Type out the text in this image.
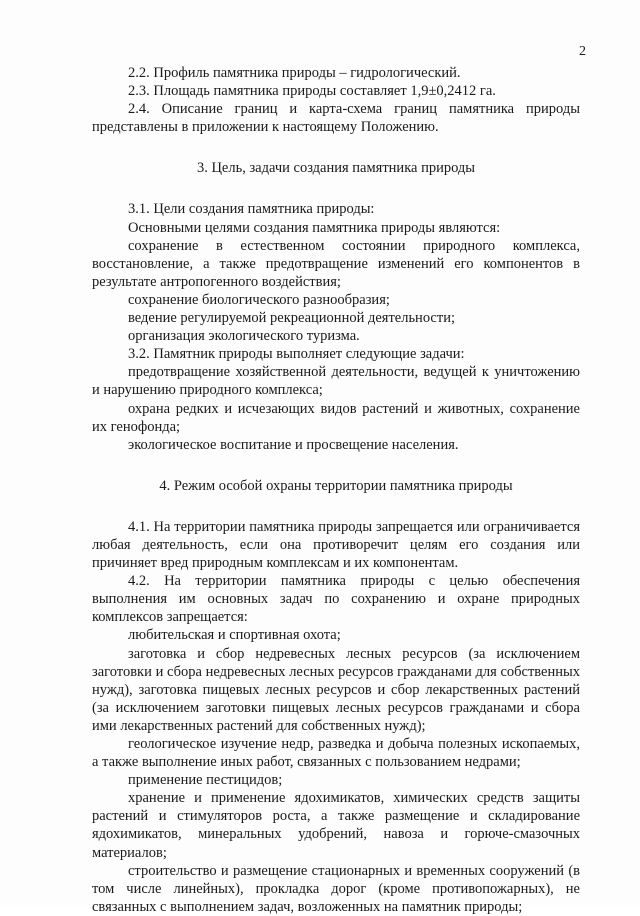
2

2.2. Профиль памятника природы – гидрологический.

2.3. Площадь памятника природы составляет 1,9±0,2412 га.

2.4. Описание границ и карта-схема границ памятника природы представлены в приложении к настоящему Положению.

3. Цель, задачи создания памятника природы

3.1. Цели создания памятника природы:

Основными целями создания памятника природы являются:

сохранение в естественном состоянии природного комплекса, восстановление, а также предотвращение изменений его компонентов в результате антропогенного воздействия;

сохранение биологического разнообразия;

ведение регулируемой рекреационной деятельности;

организация экологического туризма.

3.2. Памятник природы выполняет следующие задачи:

предотвращение хозяйственной деятельности, ведущей к уничтожению и нарушению природного комплекса;

охрана редких и исчезающих видов растений и животных, сохранение их генофонда;

экологическое воспитание и просвещение населения.

4. Режим особой охраны территории памятника природы

4.1. На территории памятника природы запрещается или ограничивается любая деятельность, если она противоречит целям его создания или причиняет вред природным комплексам и их компонентам.

4.2. На территории памятника природы с целью обеспечения выполнения им основных задач по сохранению и охране природных комплексов запрещается:

любительская и спортивная охота;

заготовка и сбор недревесных лесных ресурсов (за исключением заготовки и сбора недревесных лесных ресурсов гражданами для собственных нужд), заготовка пищевых лесных ресурсов и сбор лекарственных растений (за исключением заготовки пищевых лесных ресурсов гражданами и сбора ими лекарственных растений для собственных нужд);

геологическое изучение недр, разведка и добыча полезных ископаемых, а также выполнение иных работ, связанных с пользованием недрами;

применение пестицидов;

хранение и применение ядохимикатов, химических средств защиты растений и стимуляторов роста, а также размещение и складирование ядохимикатов, минеральных удобрений, навоза и горюче-смазочных материалов;

строительство и размещение стационарных и временных сооружений (в том числе линейных), прокладка дорог (кроме противопожарных), не связанных с выполнением задач, возложенных на памятник природы;
